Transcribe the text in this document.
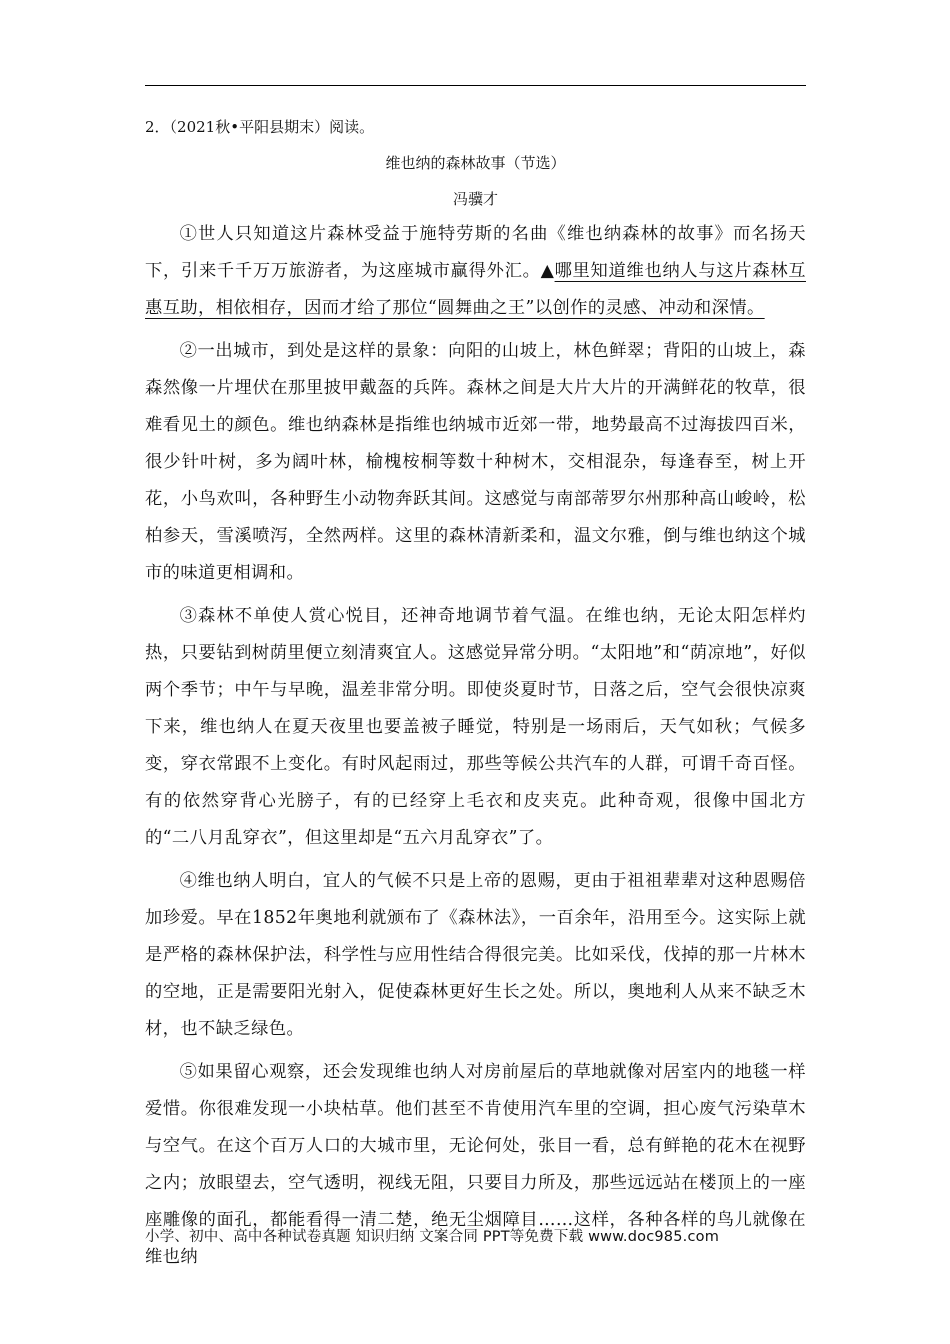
2．（2021秋•平阳县期末）阅读。
维也纳的森林故事（节选）
冯骥才

①世人只知道这片森林受益于施特劳斯的名曲《维也纳森林的故事》而名扬天下，引来千千万万旅游者，为这座城市赢得外汇。▲哪里知道维也纳人与这片森林互惠互助，相依相存，因而才给了那位“圆舞曲之王”以创作的灵感、冲动和深情。

②一出城市，到处是这样的景象：向阳的山坡上，林色鲜翠；背阳的山坡上，森森然像一片埋伏在那里披甲戴盔的兵阵。森林之间是大片大片的开满鲜花的牧草，很难看见土的颜色。维也纳森林是指维也纳城市近郊一带，地势最高不过海拔四百米，很少针叶树，多为阔叶林，榆槐桉桐等数十种树木，交相混杂，每逢春至，树上开花，小鸟欢叫，各种野生小动物奔跃其间。这感觉与南部蒂罗尔州那种高山峻岭，松柏参天，雪溪喷泻，全然两样。这里的森林清新柔和，温文尔雅，倒与维也纳这个城市的味道更相调和。

③森林不单使人赏心悦目，还神奇地调节着气温。在维也纳，无论太阳怎样灼热，只要钻到树荫里便立刻清爽宜人。这感觉异常分明。“太阳地”和“荫凉地”，好似两个季节；中午与早晚，温差非常分明。即使炎夏时节，日落之后，空气会很快凉爽下来，维也纳人在夏天夜里也要盖被子睡觉，特别是一场雨后，天气如秋；气候多变，穿衣常跟不上变化。有时风起雨过，那些等候公共汽车的人群，可谓千奇百怪。有的依然穿背心光膀子，有的已经穿上毛衣和皮夹克。此种奇观，很像中国北方的“二八月乱穿衣”，但这里却是“五六月乱穿衣”了。

④维也纳人明白，宜人的气候不只是上帝的恩赐，更由于祖祖辈辈对这种恩赐倍加珍爱。早在1852年奥地利就颁布了《森林法》，一百余年，沿用至今。这实际上就是严格的森林保护法，科学性与应用性结合得很完美。比如采伐，伐掉的那一片林木的空地，正是需要阳光射入，促使森林更好生长之处。所以，奥地利人从来不缺乏木材，也不缺乏绿色。

⑤如果留心观察，还会发现维也纳人对房前屋后的草地就像对居室内的地毯一样爱惜。你很难发现一小块枯草。他们甚至不肯使用汽车里的空调，担心废气污染草木与空气。在这个百万人口的大城市里，无论何处，张目一看，总有鲜艳的花木在视野之内；放眼望去，空气透明，视线无阻，只要目力所及，那些远远站在楼顶上的一座座雕像的面孔，都能看得一清二楚，绝无尘烟障目……这样，各种各样的鸟儿就像在维也纳

小学、初中、高中各种试卷真题 知识归纳 文案合同 PPT等免费下载 www.doc985.com
